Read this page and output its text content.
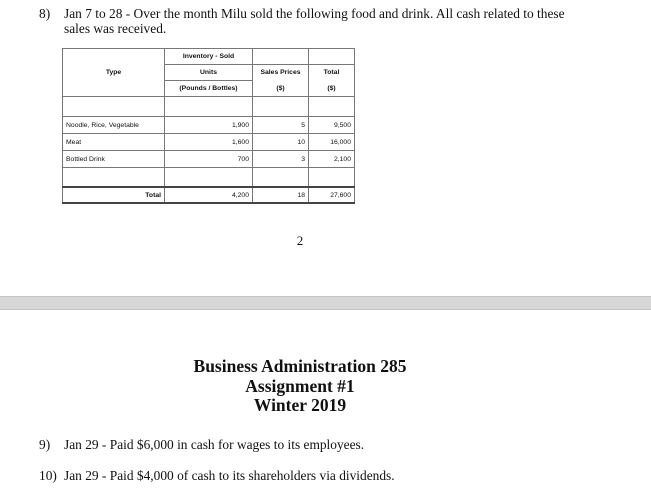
8) Jan 7 to 28 - Over the month Milu sold the following food and drink. All cash related to these
sales was received.
	Inventory - Sold		
Type	Units	Sales Prices	Total
	(Pounds / Bottles)	($)	($)

Noodle, Rice, Vegetable	1,900	5	9,500
Meat	1,600	10	16,000
Bottled Drink	700	3	2,100

Total	4,200	18	27,600
2
Business Administration 285
Assignment #1
Winter 2019
9) Jan 29 - Paid $6,000 in cash for wages to its employees.
10) Jan 29 - Paid $4,000 of cash to its shareholders via dividends.
